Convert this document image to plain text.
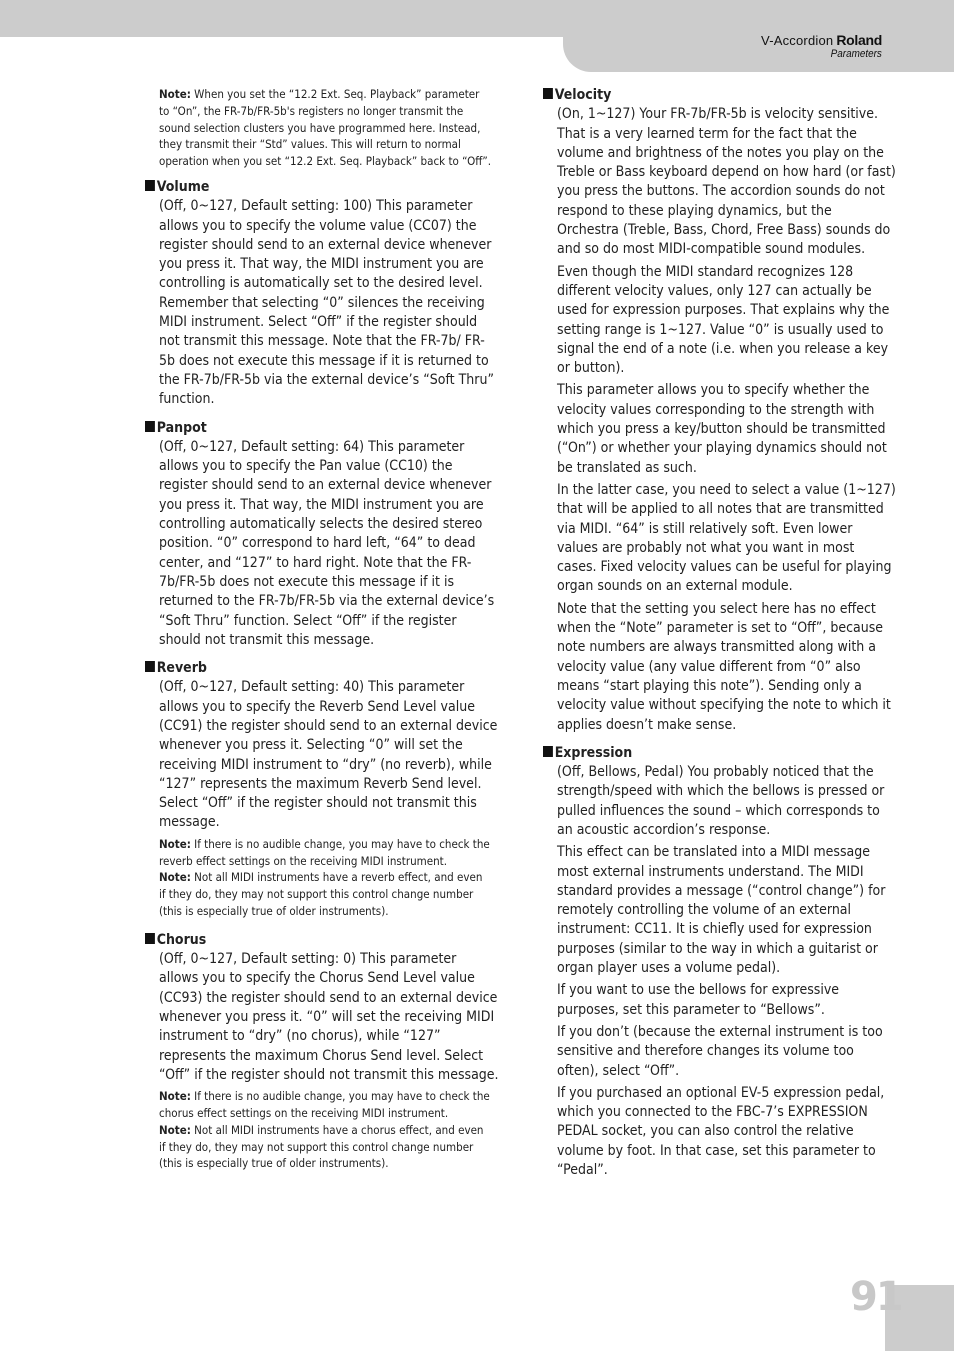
V-Accordion Roland
Parameters
91

Note: When you set the “12.2 Ext. Seq. Playback” parameter to “On”, the FR-7b/FR-5b's registers no longer transmit the sound selection clusters you have programmed here. Instead, they transmit their “Std” values. This will return to normal operation when you set “12.2 Ext. Seq. Playback” back to “Off”.

Volume

(Off, 0~127, Default setting: 100) This parameter allows you to specify the volume value (CC07) the register should send to an external device whenever you press it. That way, the MIDI instrument you are controlling is automatically set to the desired level. Remember that selecting “0” silences the receiving MIDI instrument. Select “Off” if the register should not transmit this message. Note that the FR-7b/ FR-5b does not execute this message if it is returned to the FR-7b/FR-5b via the external device’s “Soft Thru” function.

Panpot

(Off, 0~127, Default setting: 64) This parameter allows you to specify the Pan value (CC10) the register should send to an external device whenever you press it. That way, the MIDI instrument you are controlling automatically selects the desired stereo position. “0” correspond to hard left, “64” to dead center, and “127” to hard right. Note that the FR-7b/FR-5b does not execute this message if it is returned to the FR-7b/FR-5b via the external device’s “Soft Thru” function. Select “Off” if the register should not transmit this message.

Reverb

(Off, 0~127, Default setting: 40) This parameter allows you to specify the Reverb Send Level value (CC91) the register should send to an external device whenever you press it. Selecting “0” will set the receiving MIDI instrument to “dry” (no reverb), while “127” represents the maximum Reverb Send level. Select “Off” if the register should not transmit this message.

Note: If there is no audible change, you may have to check the reverb effect settings on the receiving MIDI instrument.

Note: Not all MIDI instruments have a reverb effect, and even if they do, they may not support this control change number (this is especially true of older instruments).

Chorus

(Off, 0~127, Default setting: 0) This parameter allows you to specify the Chorus Send Level value (CC93) the register should send to an external device whenever you press it. “0” will set the receiving MIDI instrument to “dry” (no chorus), while “127” represents the maximum Chorus Send level. Select “Off” if the register should not transmit this message.

Note: If there is no audible change, you may have to check the chorus effect settings on the receiving MIDI instrument.

Note: Not all MIDI instruments have a chorus effect, and even if they do, they may not support this control change number (this is especially true of older instruments).

Velocity

(On, 1~127) Your FR-7b/FR-5b is velocity sensitive. That is a very learned term for the fact that the volume and brightness of the notes you play on the Treble or Bass keyboard depend on how hard (or fast) you press the buttons. The accordion sounds do not respond to these playing dynamics, but the Orchestra (Treble, Bass, Chord, Free Bass) sounds do and so do most MIDI-compatible sound modules.

Even though the MIDI standard recognizes 128 different velocity values, only 127 can actually be used for expression purposes. That explains why the setting range is 1~127. Value “0” is usually used to signal the end of a note (i.e. when you release a key or button).

This parameter allows you to specify whether the velocity values corresponding to the strength with which you press a key/button should be transmitted (“On”) or whether your playing dynamics should not be translated as such.

In the latter case, you need to select a value (1~127) that will be applied to all notes that are transmitted via MIDI. “64” is still relatively soft. Even lower values are probably not what you want in most cases. Fixed velocity values can be useful for playing organ sounds on an external module.

Note that the setting you select here has no effect when the “Note” parameter is set to “Off”, because note numbers are always transmitted along with a velocity value (any value different from “0” also means “start playing this note”). Sending only a velocity value without specifying the note to which it applies doesn’t make sense.

Expression

(Off, Bellows, Pedal) You probably noticed that the strength/speed with which the bellows is pressed or pulled influences the sound – which corresponds to an acoustic accordion’s response.

This effect can be translated into a MIDI message most external instruments understand. The MIDI standard provides a message (“control change”) for remotely controlling the volume of an external instrument: CC11. It is chiefly used for expression purposes (similar to the way in which a guitarist or organ player uses a volume pedal).

If you want to use the bellows for expressive purposes, set this parameter to “Bellows”.

If you don’t (because the external instrument is too sensitive and therefore changes its volume too often), select “Off”.

If you purchased an optional EV-5 expression pedal, which you connected to the FBC-7’s EXPRESSION PEDAL socket, you can also control the relative volume by foot. In that case, set this parameter to “Pedal”.
